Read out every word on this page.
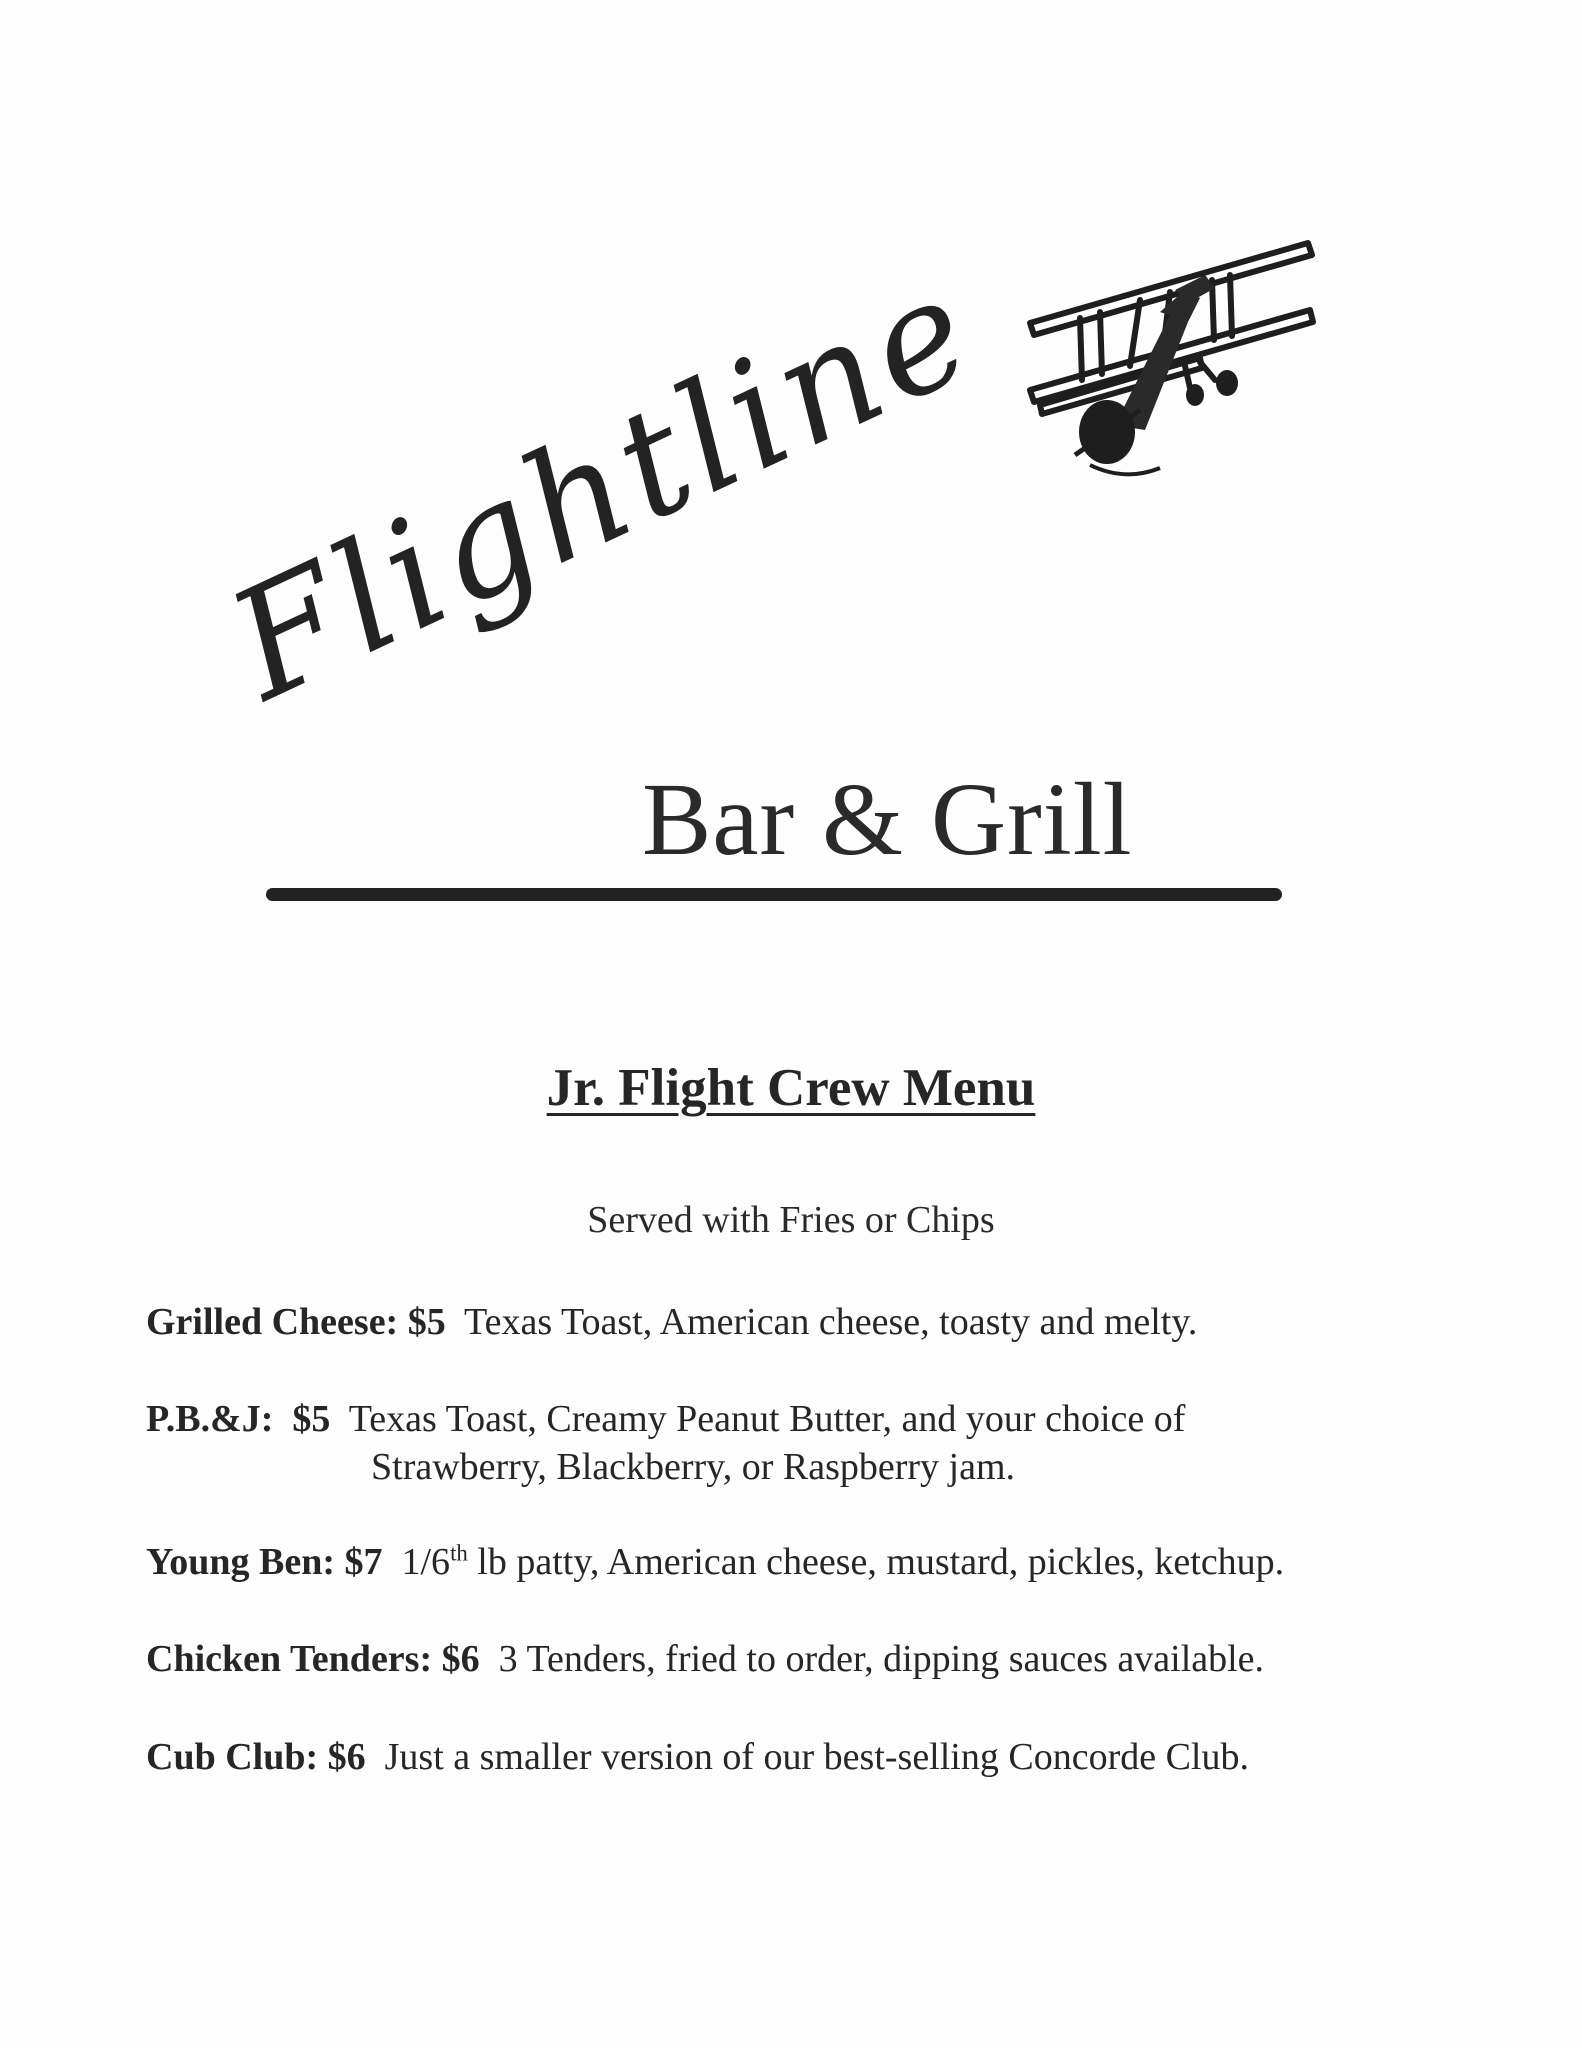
Flightline
Bar & Grill
Jr. Flight Crew Menu
Served with Fries or Chips
Grilled Cheese: $5 Texas Toast, American cheese, toasty and melty.
P.B.&J: $5 Texas Toast, Creamy Peanut Butter, and your choice of
Strawberry, Blackberry, or Raspberry jam.
Young Ben: $7 1/6th lb patty, American cheese, mustard, pickles, ketchup.
Chicken Tenders: $6 3 Tenders, fried to order, dipping sauces available.
Cub Club: $6 Just a smaller version of our best-selling Concorde Club.
